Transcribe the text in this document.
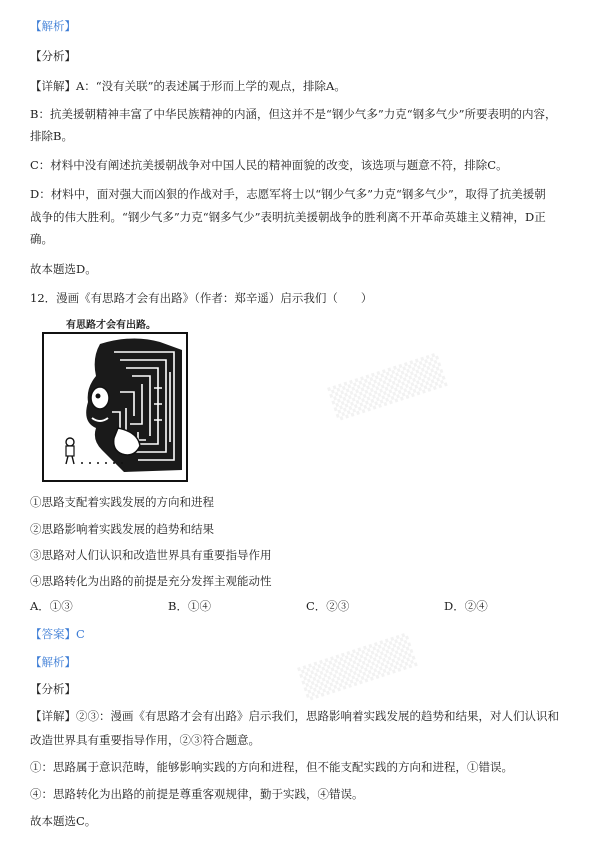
▒▒▒▒▒
▒▒▒▒▒
【解析】
【分析】
【详解】A：“没有关联”的表述属于形而上学的观点，排除A。
B：抗美援朝精神丰富了中华民族精神的内涵，但这并不是“钢少气多”力克“钢多气少”所要表明的内容，
排除B。
C：材料中没有阐述抗美援朝战争对中国人民的精神面貌的改变，该选项与题意不符，排除C。
D：材料中，面对强大而凶狠的作战对手，志愿军将士以“钢少气多”力克“钢多气少”，取得了抗美援朝
战争的伟大胜利。“钢少气多”力克“钢多气少”表明抗美援朝战争的胜利离不开革命英雄主义精神，D正
确。
故本题选D。
12．漫画《有思路才会有出路》（作者：郑辛遥）启示我们（　　）
有思路才会有出路。
①思路支配着实践发展的方向和进程
②思路影响着实践发展的趋势和结果
③思路对人们认识和改造世界具有重要指导作用
④思路转化为出路的前提是充分发挥主观能动性
A．①③	B．①④	C．②③	D．②④
【答案】C
【解析】
【分析】
【详解】②③：漫画《有思路才会有出路》启示我们，思路影响着实践发展的趋势和结果，对人们认识和
改造世界具有重要指导作用，②③符合题意。
①：思路属于意识范畴，能够影响实践的方向和进程，但不能支配实践的方向和进程，①错误。
④：思路转化为出路的前提是尊重客观规律，勤于实践，④错误。
故本题选C。
